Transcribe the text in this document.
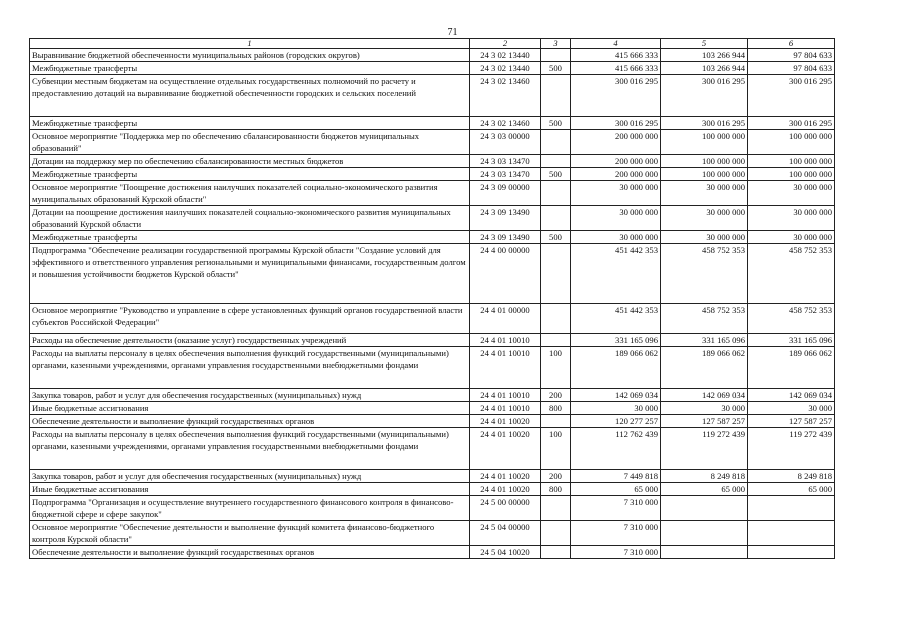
71
1	2	3	4	5	6
Выравнивание бюджетной обеспеченности муниципальных районов (городских округов)	24 3 02 13440		415 666 333	103 266 944	97 804 633
Межбюджетные трансферты	24 3 02 13440	500	415 666 333	103 266 944	97 804 633
Субвенции местным бюджетам на осуществление отдельных государственных полномочий по расчету и предоставлению дотаций на выравнивание бюджетной обеспеченности городских и сельских поселений	24 3 02 13460		300 016 295	300 016 295	300 016 295
Межбюджетные трансферты	24 3 02 13460	500	300 016 295	300 016 295	300 016 295
Основное мероприятие "Поддержка мер по обеспечению сбалансированности бюджетов муниципальных образований"	24 3 03 00000		200 000 000	100 000 000	100 000 000
Дотации на поддержку мер по обеспечению сбалансированности местных бюджетов	24 3 03 13470		200 000 000	100 000 000	100 000 000
Межбюджетные трансферты	24 3 03 13470	500	200 000 000	100 000 000	100 000 000
Основное мероприятие "Поощрение достижения наилучших показателей социально-экономического развития муниципальных образований Курской области"	24 3 09 00000		30 000 000	30 000 000	30 000 000
Дотации на поощрение достижения наилучших показателей социально-экономического развития муниципальных образований Курской области	24 3 09 13490		30 000 000	30 000 000	30 000 000
Межбюджетные трансферты	24 3 09 13490	500	30 000 000	30 000 000	30 000 000
Подпрограмма "Обеспечение реализации государственной программы Курской области "Создание условий для эффективного и ответственного управления региональными и муниципальными финансами, государственным долгом и повышения устойчивости бюджетов Курской области"	24 4 00 00000		451 442 353	458 752 353	458 752 353
Основное мероприятие "Руководство и управление в сфере установленных функций органов государственной власти субъектов Российской Федерации"	24 4 01 00000		451 442 353	458 752 353	458 752 353
Расходы на обеспечение деятельности (оказание услуг) государственных учреждений	24 4 01 10010		331 165 096	331 165 096	331 165 096
Расходы на выплаты персоналу в целях обеспечения выполнения функций государственными (муниципальными) органами, казенными учреждениями, органами управления государственными внебюджетными фондами	24 4 01 10010	100	189 066 062	189 066 062	189 066 062
Закупка товаров, работ и услуг для обеспечения государственных (муниципальных) нужд	24 4 01 10010	200	142 069 034	142 069 034	142 069 034
Иные бюджетные ассигнования	24 4 01 10010	800	30 000	30 000	30 000
Обеспечение деятельности и выполнение функций государственных органов	24 4 01 10020		120 277 257	127 587 257	127 587 257
Расходы на выплаты персоналу в целях обеспечения выполнения функций государственными (муниципальными) органами, казенными учреждениями, органами управления государственными внебюджетными фондами	24 4 01 10020	100	112 762 439	119 272 439	119 272 439
Закупка товаров, работ и услуг для обеспечения государственных (муниципальных) нужд	24 4 01 10020	200	7 449 818	8 249 818	8 249 818
Иные бюджетные ассигнования	24 4 01 10020	800	65 000	65 000	65 000
Подпрограмма "Организация и осуществление внутреннего государственного финансового контроля в финансово-бюджетной сфере и сфере закупок"	24 5 00 00000		7 310 000		
Основное мероприятие "Обеспечение деятельности и выполнение функций комитета финансово-бюджетного контроля Курской области"	24 5 04 00000		7 310 000		
Обеспечение деятельности и выполнение функций государственных органов	24 5 04 10020		7 310 000		
